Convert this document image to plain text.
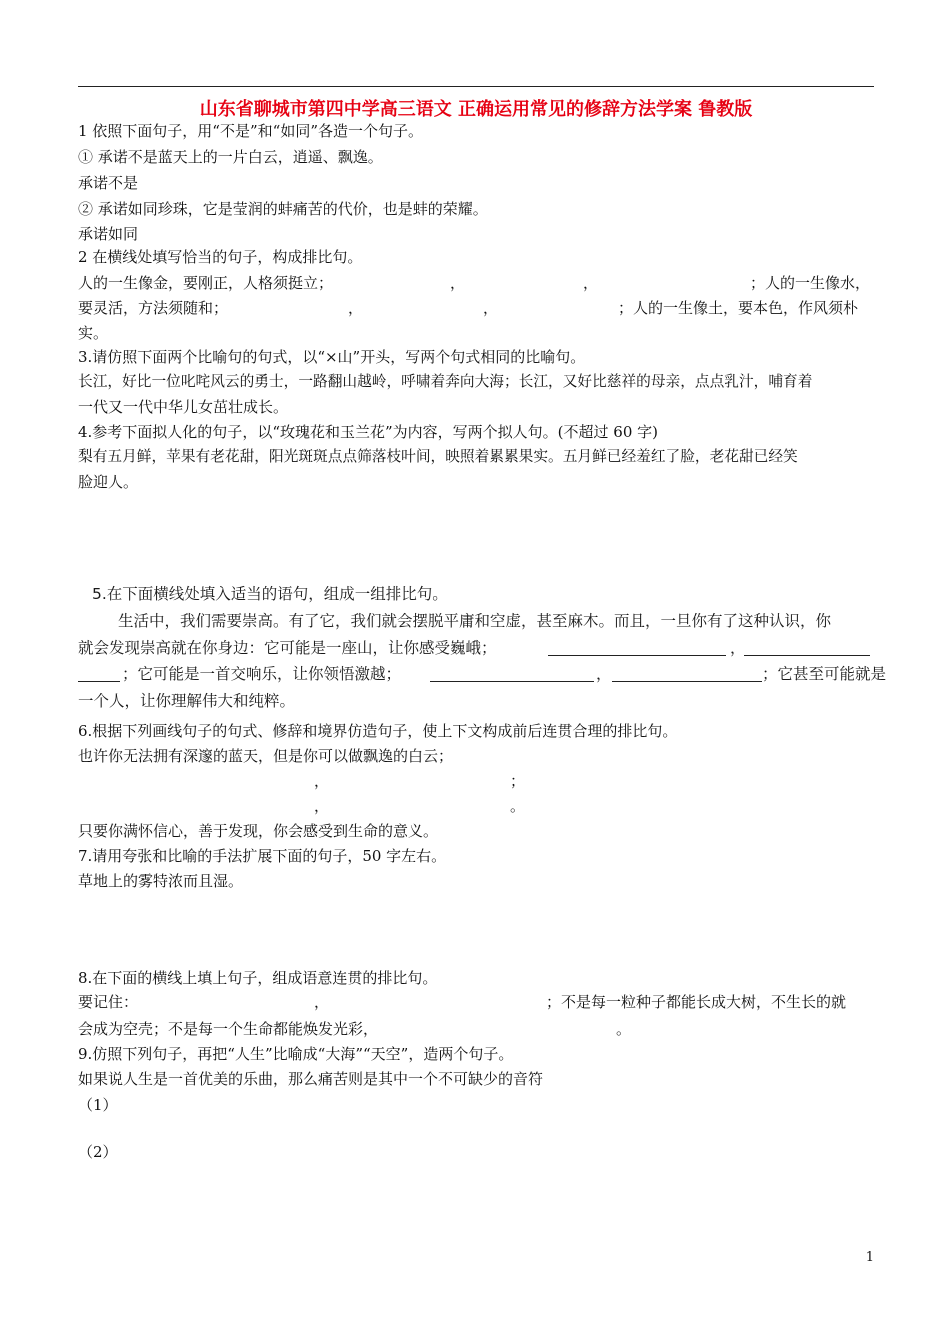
山东省聊城市第四中学高三语文 正确运用常见的修辞方法学案 鲁教版
1 依照下面句子，用“不是”和“如同”各造一个句子。
① 承诺不是蓝天上的一片白云，逍遥、飘逸。
承诺不是
② 承诺如同珍珠，它是莹润的蚌痛苦的代价，也是蚌的荣耀。
承诺如同
2 在横线处填写恰当的句子，构成排比句。
人的一生像金，要刚正，人格须挺立；	，	，	；人的一生像水，
要灵活，方法须随和；	，	，	；人的一生像土，要本色，作风须朴
实。
3.请仿照下面两个比喻句的句式，以“×山”开头，写两个句式相同的比喻句。
长江，好比一位叱咤风云的勇士，一路翻山越岭，呼啸着奔向大海；长江，又好比慈祥的母亲，点点乳汁，哺育着
一代又一代中华儿女茁壮成长。
4.参考下面拟人化的句子，以“玫瑰花和玉兰花”为内容，写两个拟人句。(不超过 60 字)
梨有五月鲜，苹果有老花甜，阳光斑斑点点筛落枝叶间，映照着累累果实。五月鲜已经羞红了脸，老花甜已经笑
脸迎人。
5.在下面横线处填入适当的语句，组成一组排比句。
生活中，我们需要崇高。有了它，我们就会摆脱平庸和空虚，甚至麻木。而且，一旦你有了这种认识，你
就会发现崇高就在你身边：它可能是一座山，让你感受巍峨；	，
；它可能是一首交响乐，让你领悟激越；	，	；它甚至可能就是
一个人，让你理解伟大和纯粹。
6.根据下列画线句子的句式、修辞和境界仿造句子，使上下文构成前后连贯合理的排比句。
也许你无法拥有深邃的蓝天，但是你可以做飘逸的白云；
，	；
，	。
只要你满怀信心，善于发现，你会感受到生命的意义。
7.请用夸张和比喻的手法扩展下面的句子，50 字左右。
草地上的雾特浓而且湿。
8.在下面的横线上填上句子，组成语意连贯的排比句。
要记住：	，	；不是每一粒种子都能长成大树，不生长的就
会成为空壳；不是每一个生命都能焕发光彩，	。
9.仿照下列句子，再把“人生”比喻成“大海”“天空”，造两个句子。
如果说人生是一首优美的乐曲，那么痛苦则是其中一个不可缺少的音符
（1）
（2）
1
